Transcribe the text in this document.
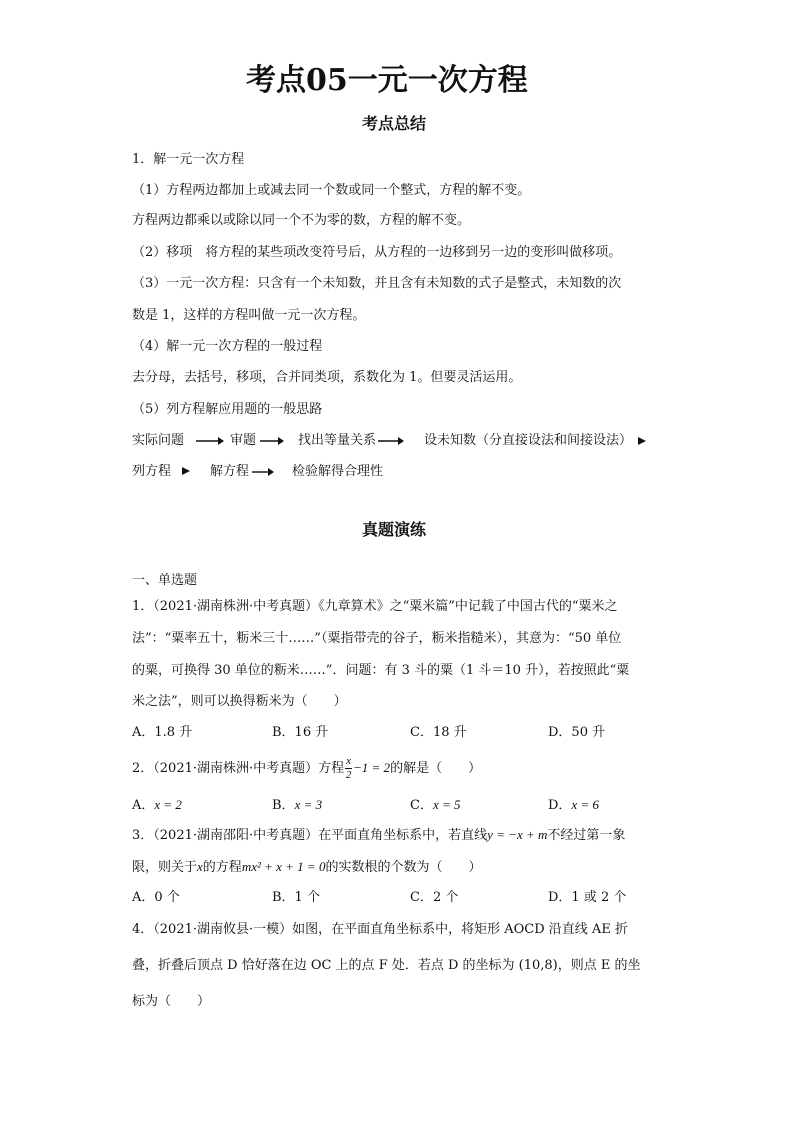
考点05一元一次方程
考点总结
1．解一元一次方程
（1）方程两边都加上或减去同一个数或同一个整式，方程的解不变。
方程两边都乘以或除以同一个不为零的数，方程的解不变。
（2）移项　将方程的某些项改变符号后，从方程的一边移到另一边的变形叫做移项。
（3）一元一次方程：只含有一个未知数，并且含有未知数的式子是整式，未知数的次
数是 1，这样的方程叫做一元一次方程。
（4）解一元一次方程的一般过程
去分母，去括号，移项，合并同类项，系数化为 1。但要灵活运用。
（5）列方程解应用题的一般思路
实际问题	审题	找出等量关系	设未知数（分直接设法和间接设法）
列方程	解方程	检验解得合理性
真题演练
一、单选题
1．（2021·湖南株洲·中考真题）《九章算术》之“粟米篇”中记载了中国古代的“粟米之
法”：“粟率五十，粝米三十……”（粟指带壳的谷子，粝米指糙米），其意为：“50 单位
的粟，可换得 30 单位的粝米……”．问题：有 3 斗的粟（1 斗＝10 升），若按照此“粟
米之法”，则可以换得粝米为（　　）
A．1.8 升	B．16 升	C．18 升	D．50 升
2．（2021·湖南株洲·中考真题）方程 $\frac{x}{2} -1 = 2$的解是（　　）
A．x = 2	B．x = 3	C．x = 5	D．x = 6
3．（2021·湖南邵阳·中考真题）在平面直角坐标系中，若直线y = −x + m不经过第一象
限，则关于x的方程mx² + x + 1 = 0的实数根的个数为（　　）
A．0 个	B．1 个	C．2 个	D．1 或 2 个
4．（2021·湖南攸县·一模）如图，在平面直角坐标系中，将矩形 AOCD 沿直线 AE 折
叠，折叠后顶点 D 恰好落在边 OC 上的点 F 处．若点 D 的坐标为 (10,8)，则点 E 的坐
标为（　　）
